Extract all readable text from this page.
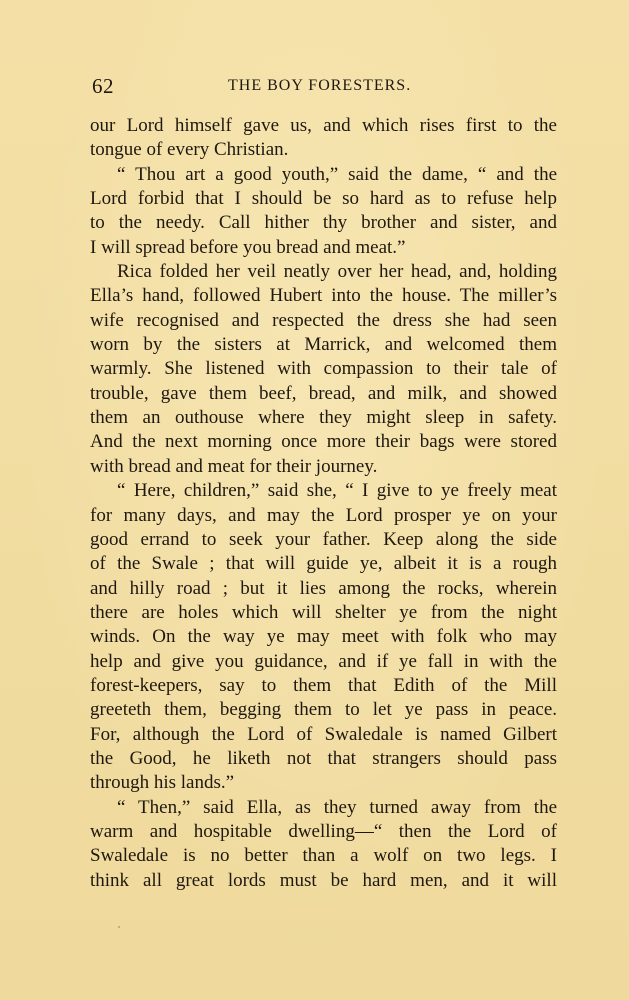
62	THE BOY FORESTERS.
our Lord himself gave us, and which rises first to the
tongue of every Christian.
“ Thou art a good youth,” said the dame, “ and the
Lord forbid that I should be so hard as to refuse help
to the needy. Call hither thy brother and sister, and
I will spread before you bread and meat.”
Rica folded her veil neatly over her head, and, holding
Ella’s hand, followed Hubert into the house. The miller’s
wife recognised and respected the dress she had seen
worn by the sisters at Marrick, and welcomed them
warmly. She listened with compassion to their tale of
trouble, gave them beef, bread, and milk, and showed
them an outhouse where they might sleep in safety.
And the next morning once more their bags were stored
with bread and meat for their journey.
“ Here, children,” said she, “ I give to ye freely meat
for many days, and may the Lord prosper ye on your
good errand to seek your father. Keep along the side
of the Swale ; that will guide ye, albeit it is a rough
and hilly road ; but it lies among the rocks, wherein
there are holes which will shelter ye from the night
winds. On the way ye may meet with folk who may
help and give you guidance, and if ye fall in with the
forest-keepers, say to them that Edith of the Mill
greeteth them, begging them to let ye pass in peace.
For, although the Lord of Swaledale is named Gilbert
the Good, he liketh not that strangers should pass
through his lands.”
“ Then,” said Ella, as they turned away from the
warm and hospitable dwelling—“ then the Lord of
Swaledale is no better than a wolf on two legs. I
think all great lords must be hard men, and it will
